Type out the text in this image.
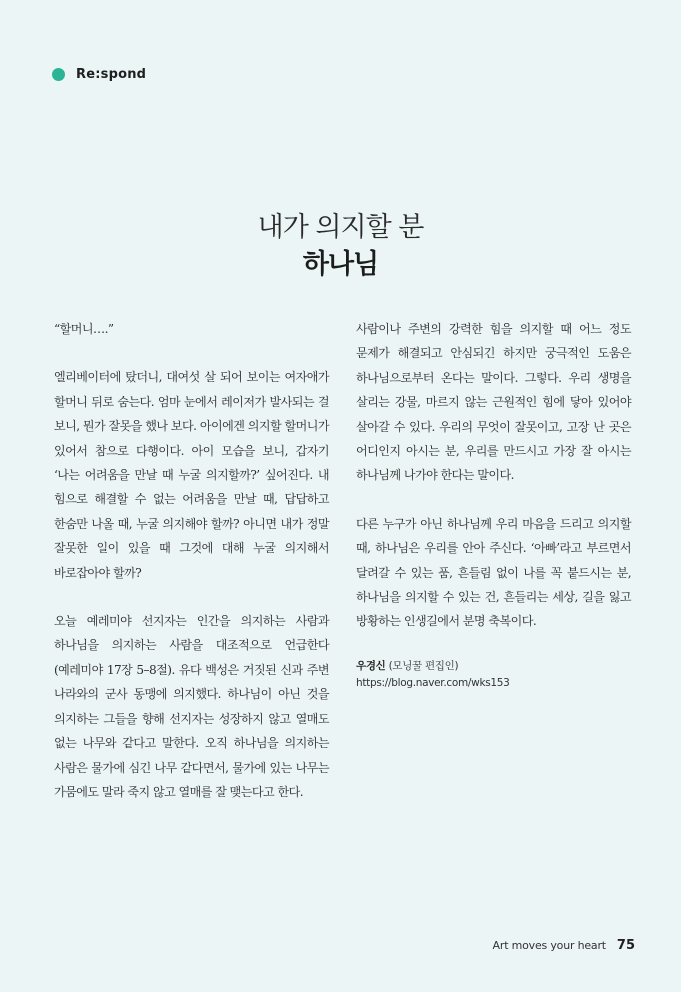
Re:spond
내가 의지할 분
하나님

“할머니….”

엘리베이터에 탔더니, 대여섯 살 되어 보이는 여자애가 할머니 뒤로 숨는다. 엄마 눈에서 레이저가 발사되는 걸 보니, 뭔가 잘못을 했나 보다. 아이에겐 의지할 할머니가 있어서 참으로 다행이다. 아이 모습을 보니, 갑자기 ‘나는 어려움을 만날 때 누굴 의지할까?’ 싶어진다. 내 힘으로 해결할 수 없는 어려움을 만날 때, 답답하고 한숨만 나올 때, 누굴 의지해야 할까? 아니면 내가 정말 잘못한 일이 있을 때 그것에 대해 누굴 의지해서 바로잡아야 할까?

오늘 예레미야 선지자는 인간을 의지하는 사람과 하나님을 의지하는 사람을 대조적으로 언급한다(예레미야 17장 5–8절). 유다 백성은 거짓된 신과 주변 나라와의 군사 동맹에 의지했다. 하나님이 아닌 것을 의지하는 그들을 향해 선지자는 성장하지 않고 열매도 없는 나무와 같다고 말한다. 오직 하나님을 의지하는 사람은 물가에 심긴 나무 같다면서, 물가에 있는 나무는 가뭄에도 말라 죽지 않고 열매를 잘 맺는다고 한다.

사람이나 주변의 강력한 힘을 의지할 때 어느 정도 문제가 해결되고 안심되긴 하지만 궁극적인 도움은 하나님으로부터 온다는 말이다. 그렇다. 우리 생명을 살리는 강물, 마르지 않는 근원적인 힘에 닿아 있어야 살아갈 수 있다. 우리의 무엇이 잘못이고, 고장 난 곳은 어디인지 아시는 분, 우리를 만드시고 가장 잘 아시는 하나님께 나가야 한다는 말이다.

다른 누구가 아닌 하나님께 우리 마음을 드리고 의지할 때, 하나님은 우리를 안아 주신다. ‘아빠’라고 부르면서 달려갈 수 있는 품, 흔들림 없이 나를 꼭 붙드시는 분, 하나님을 의지할 수 있는 건, 흔들리는 세상, 길을 잃고 방황하는 인생길에서 분명 축복이다.

우경신 (모닝꿀 편집인)
https://blog.naver.com/wks153
Art moves your heart 75
